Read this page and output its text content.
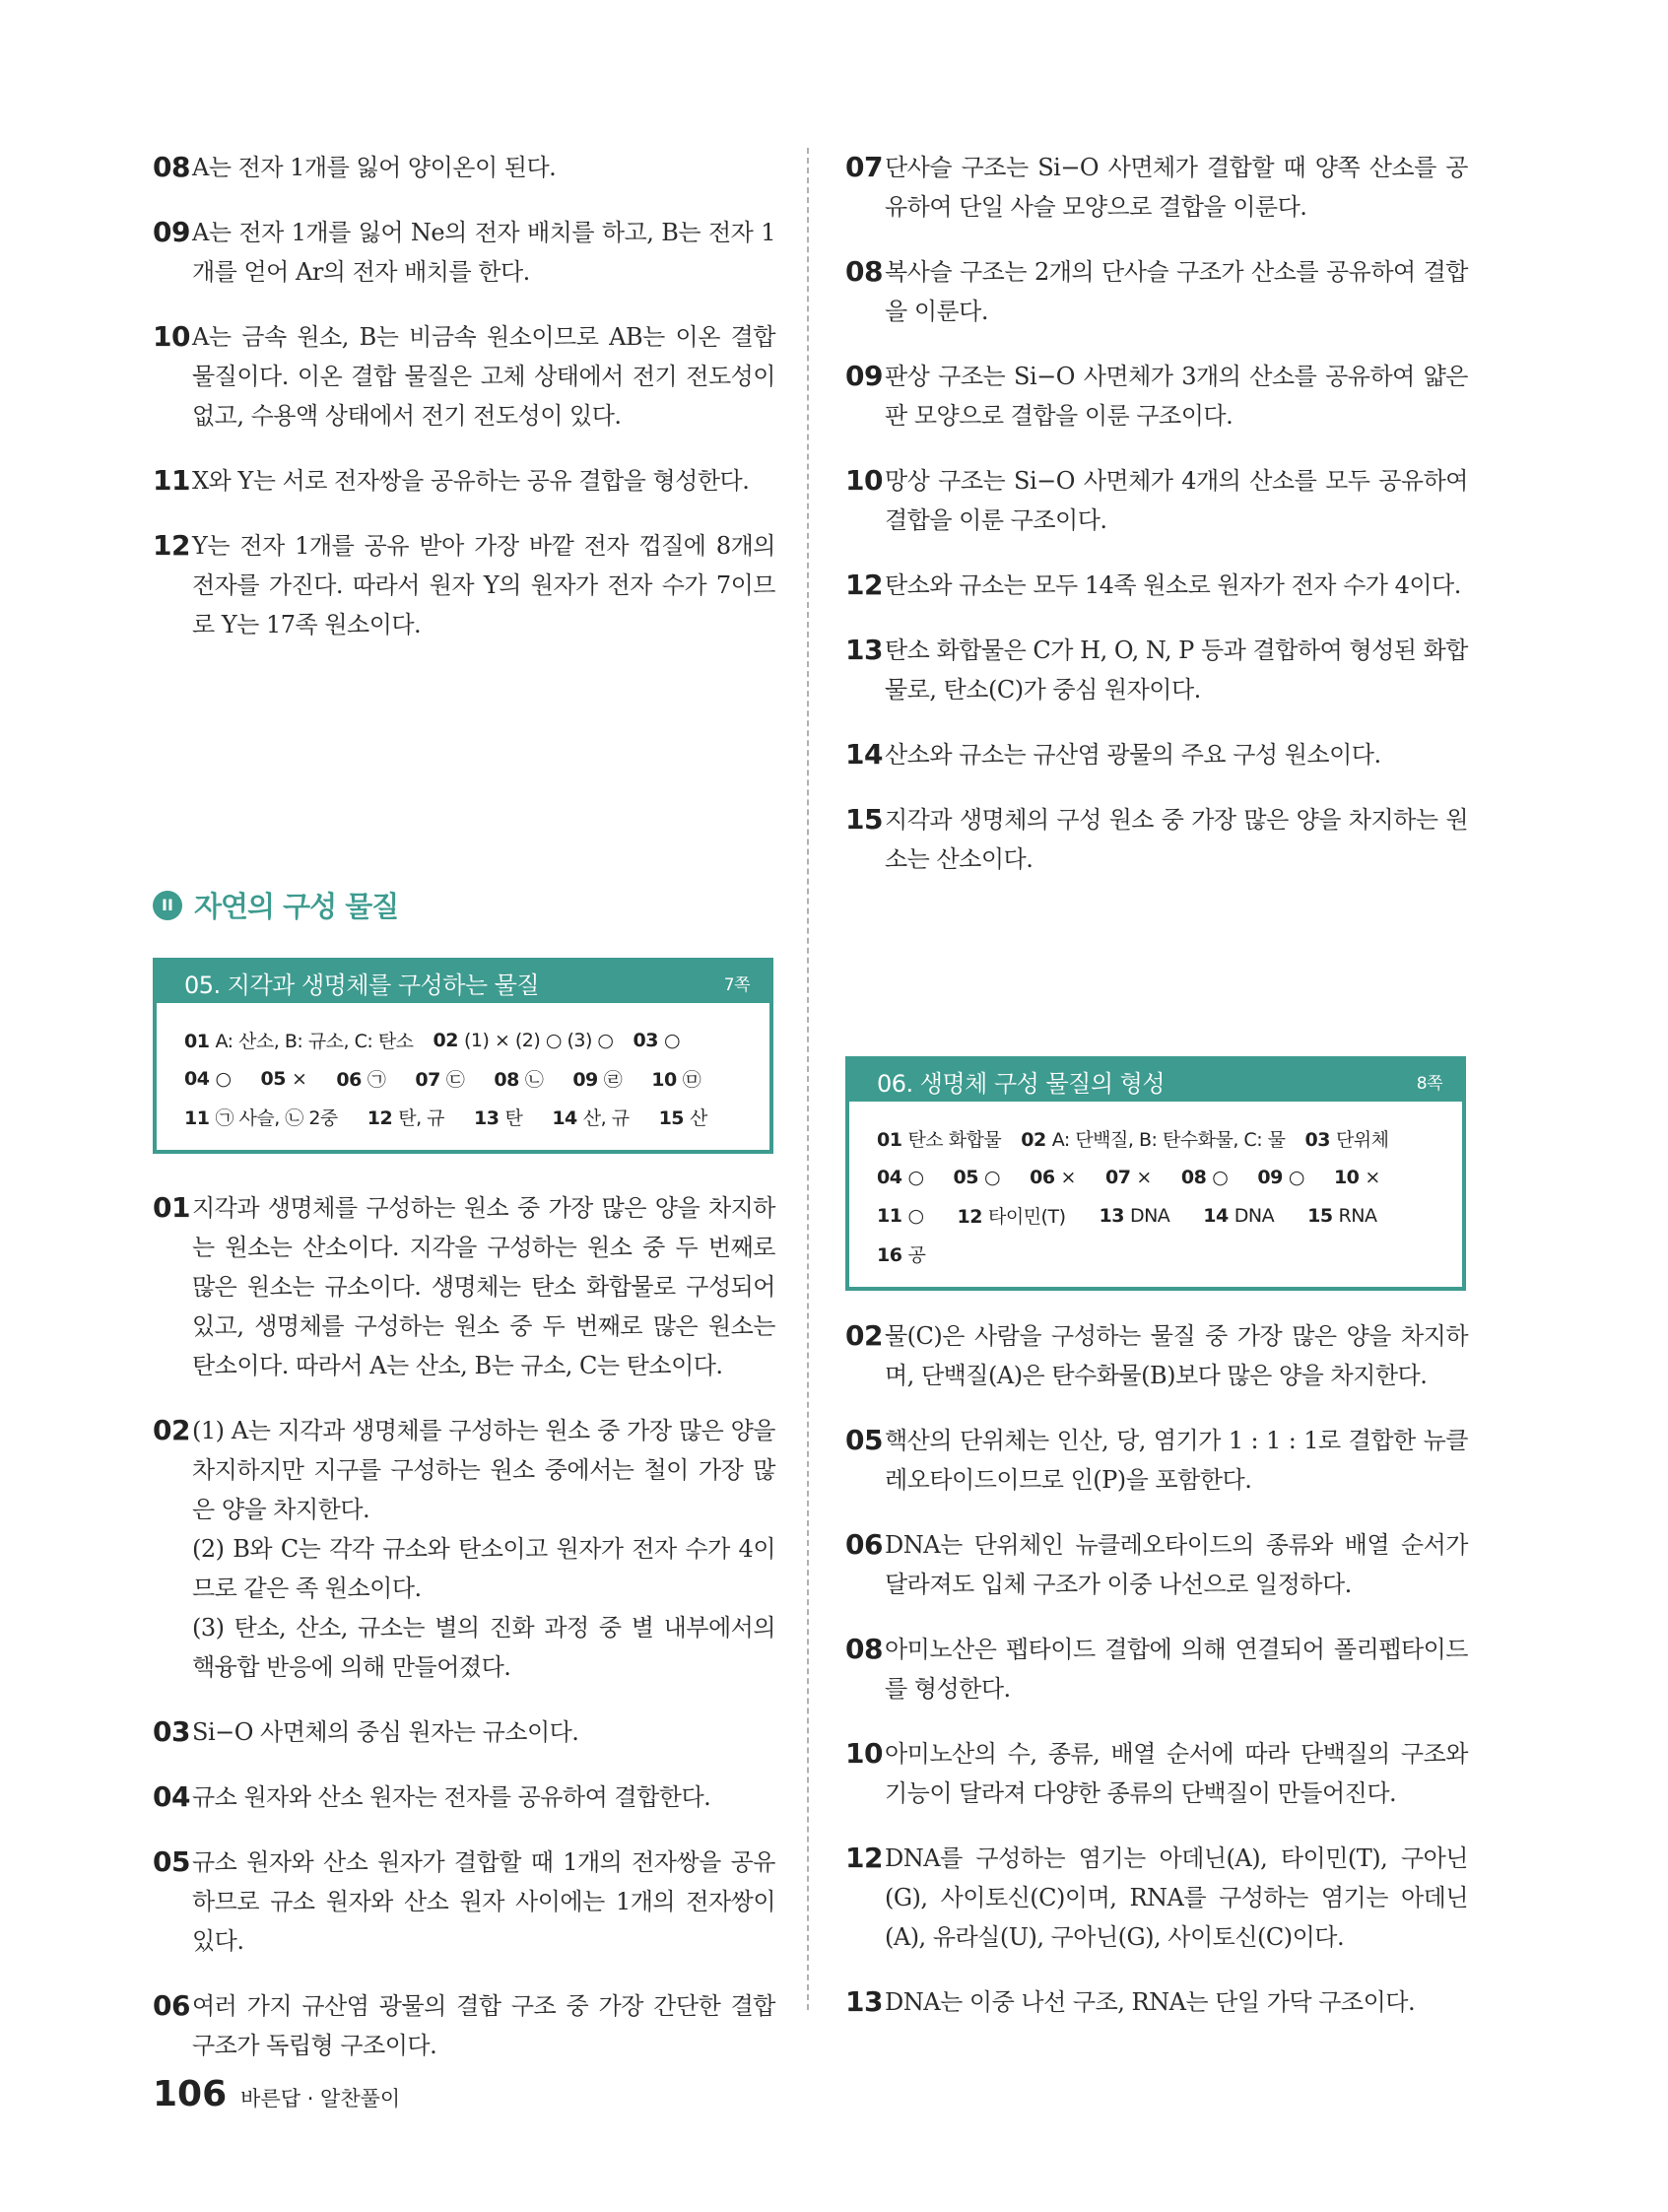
08 A는 전자 1개를 잃어 양이온이 된다.
09 A는 전자 1개를 잃어 Ne의 전자 배치를 하고, B는 전자 1개를 얻어 Ar의 전자 배치를 한다.
10 A는 금속 원소, B는 비금속 원소이므로 AB는 이온 결합 물질이다. 이온 결합 물질은 고체 상태에서 전기 전도성이 없고, 수용액 상태에서 전기 전도성이 있다.
11 X와 Y는 서로 전자쌍을 공유하는 공유 결합을 형성한다.
12 Y는 전자 1개를 공유 받아 가장 바깥 전자 껍질에 8개의 전자를 가진다. 따라서 원자 Y의 원자가 전자 수가 7이므로 Y는 17족 원소이다.
II 자연의 구성 물질
05. 지각과 생명체를 구성하는 물질	7쪽
01 A: 산소, B: 규소, C: 탄소 02 (1) × (2) ○ (3) ○ 03 ○
04 ○ 05 × 06 ㉠ 07 ㉢ 08 ㉡ 09 ㉣ 10 ㉤
11 ㉠ 사슬, ㉡ 2중 12 탄, 규 13 탄 14 산, 규 15 산
01 지각과 생명체를 구성하는 원소 중 가장 많은 양을 차지하는 원소는 산소이다. 지각을 구성하는 원소 중 두 번째로 많은 원소는 규소이다. 생명체는 탄소 화합물로 구성되어 있고, 생명체를 구성하는 원소 중 두 번째로 많은 원소는 탄소이다. 따라서 A는 산소, B는 규소, C는 탄소이다.
02 (1) A는 지각과 생명체를 구성하는 원소 중 가장 많은 양을 차지하지만 지구를 구성하는 원소 중에서는 철이 가장 많은 양을 차지한다.
(2) B와 C는 각각 규소와 탄소이고 원자가 전자 수가 4이므로 같은 족 원소이다.
(3) 탄소, 산소, 규소는 별의 진화 과정 중 별 내부에서의 핵융합 반응에 의해 만들어졌다.
03 Si−O 사면체의 중심 원자는 규소이다.
04 규소 원자와 산소 원자는 전자를 공유하여 결합한다.
05 규소 원자와 산소 원자가 결합할 때 1개의 전자쌍을 공유하므로 규소 원자와 산소 원자 사이에는 1개의 전자쌍이 있다.
06 여러 가지 규산염 광물의 결합 구조 중 가장 간단한 결합 구조가 독립형 구조이다.
07 단사슬 구조는 Si−O 사면체가 결합할 때 양쪽 산소를 공유하여 단일 사슬 모양으로 결합을 이룬다.
08 복사슬 구조는 2개의 단사슬 구조가 산소를 공유하여 결합을 이룬다.
09 판상 구조는 Si−O 사면체가 3개의 산소를 공유하여 얇은 판 모양으로 결합을 이룬 구조이다.
10 망상 구조는 Si−O 사면체가 4개의 산소를 모두 공유하여 결합을 이룬 구조이다.
12 탄소와 규소는 모두 14족 원소로 원자가 전자 수가 4이다.
13 탄소 화합물은 C가 H, O, N, P 등과 결합하여 형성된 화합물로, 탄소(C)가 중심 원자이다.
14 산소와 규소는 규산염 광물의 주요 구성 원소이다.
15 지각과 생명체의 구성 원소 중 가장 많은 양을 차지하는 원소는 산소이다.
06. 생명체 구성 물질의 형성	8쪽
01 탄소 화합물 02 A: 단백질, B: 탄수화물, C: 물 03 단위체
04 ○ 05 ○ 06 × 07 × 08 ○ 09 ○ 10 ×
11 ○ 12 타이민(T) 13 DNA 14 DNA 15 RNA
16 공
02 물(C)은 사람을 구성하는 물질 중 가장 많은 양을 차지하며, 단백질(A)은 탄수화물(B)보다 많은 양을 차지한다.
05 핵산의 단위체는 인산, 당, 염기가 1 : 1 : 1로 결합한 뉴클레오타이드이므로 인(P)을 포함한다.
06 DNA는 단위체인 뉴클레오타이드의 종류와 배열 순서가 달라져도 입체 구조가 이중 나선으로 일정하다.
08 아미노산은 펩타이드 결합에 의해 연결되어 폴리펩타이드를 형성한다.
10 아미노산의 수, 종류, 배열 순서에 따라 단백질의 구조와 기능이 달라져 다양한 종류의 단백질이 만들어진다.
12 DNA를 구성하는 염기는 아데닌(A), 타이민(T), 구아닌(G), 사이토신(C)이며, RNA를 구성하는 염기는 아데닌(A), 유라실(U), 구아닌(G), 사이토신(C)이다.
13 DNA는 이중 나선 구조, RNA는 단일 가닥 구조이다.
106 바른답 · 알찬풀이
